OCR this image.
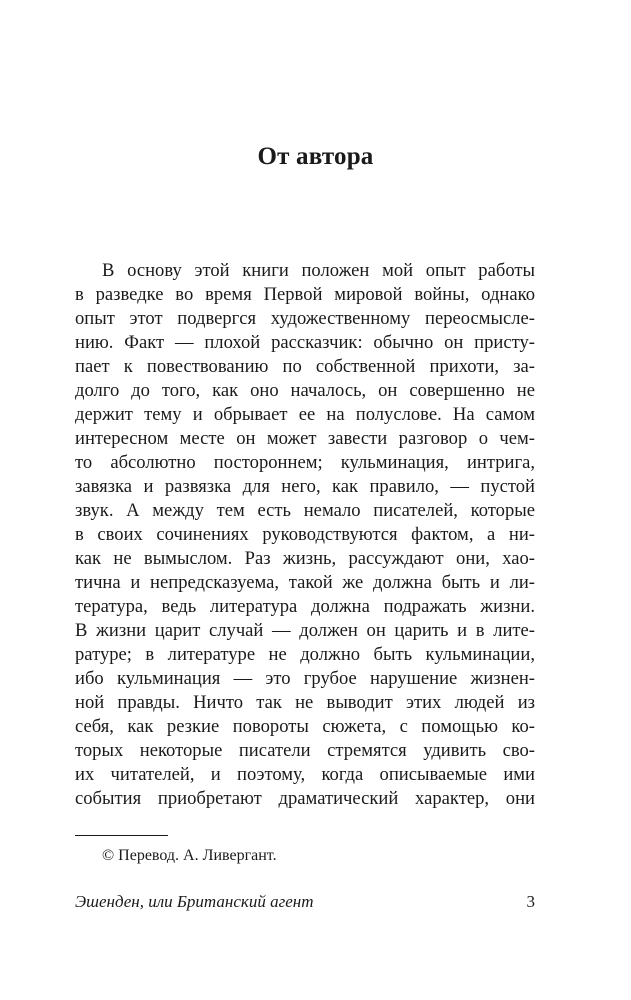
От автора
В основу этой книги положен мой опыт работы
в разведке во время Первой мировой войны, однако
опыт этот подвергся художественному переосмысле-
нию. Факт — плохой рассказчик: обычно он присту-
пает к повествованию по собственной прихоти, за-
долго до того, как оно началось, он совершенно не
держит тему и обрывает ее на полуслове. На самом
интересном месте он может завести разговор о чем-
то абсолютно постороннем; кульминация, интрига,
завязка и развязка для него, как правило, — пустой
звук. А между тем есть немало писателей, которые
в своих сочинениях руководствуются фактом, а ни-
как не вымыслом. Раз жизнь, рассуждают они, хао-
тична и непредсказуема, такой же должна быть и ли-
тература, ведь литература должна подражать жизни.
В жизни царит случай — должен он царить и в лите-
ратуре; в литературе не должно быть кульминации,
ибо кульминация — это грубое нарушение жизнен-
ной правды. Ничто так не выводит этих людей из
себя, как резкие повороты сюжета, с помощью ко-
торых некоторые писатели стремятся удивить сво-
их читателей, и поэтому, когда описываемые ими
события приобретают драматический характер, они
© Перевод. А. Ливергант.
Эшенден, или Британский агент	3
